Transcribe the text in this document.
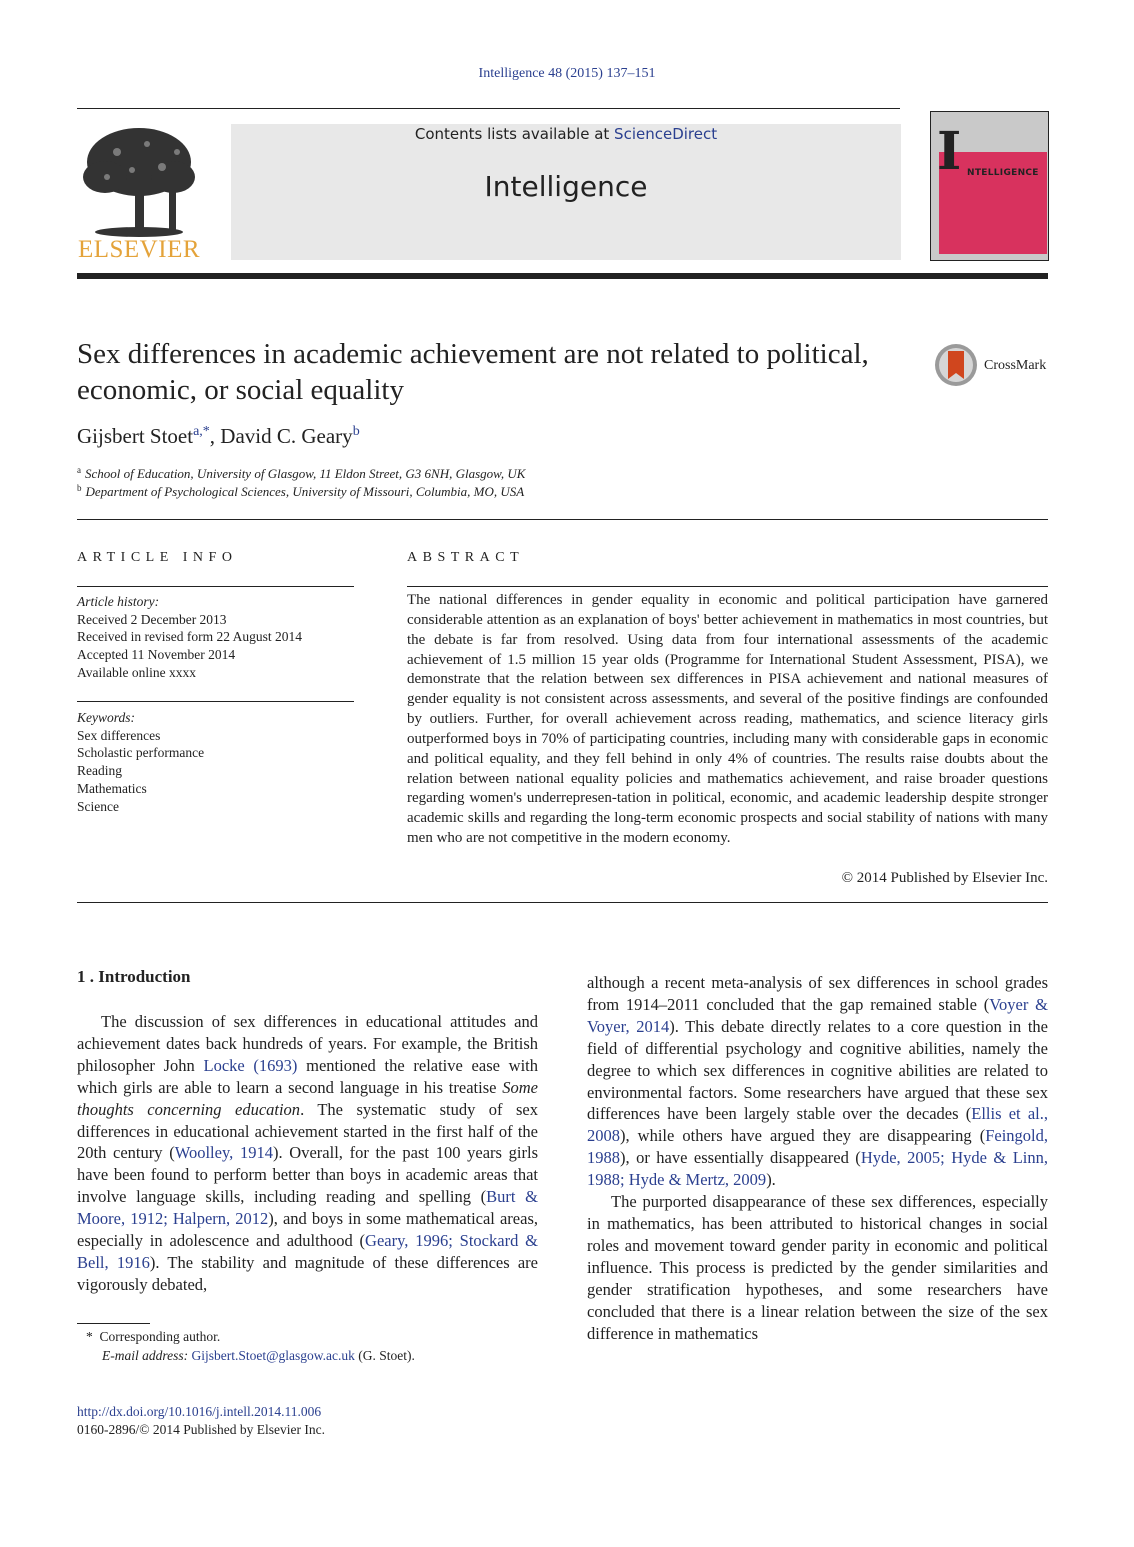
Intelligence 48 (2015) 137–151
ELSEVIER
Contents lists available at ScienceDirect
Intelligence
I NTELLIGENCE
Sex differences in academic achievement are not related to political, economic, or social equality
CrossMark
Gijsbert Stoet$^{a,*}$, David C. Geary$^b$
$^a$ School of Education, University of Glasgow, 11 Eldon Street, G3 6NH, Glasgow, UK
$^b$ Department of Psychological Sciences, University of Missouri, Columbia, MO, USA
ARTICLE INFO	ABSTRACT
Article history:
Received 2 December 2013
Received in revised form 22 August 2014
Accepted 11 November 2014
Available online xxxx
Keywords:
Sex differences
Scholastic performance
Reading
Mathematics
Science
The national differences in gender equality in economic and political participation have garnered considerable attention as an explanation of boys' better achievement in mathematics in most countries, but the debate is far from resolved. Using data from four international assessments of the academic achievement of 1.5 million 15 year olds (Programme for International Student Assessment, PISA), we demonstrate that the relation between sex differences in PISA achievement and national measures of gender equality is not consistent across assessments, and several of the positive findings are confounded by outliers. Further, for overall achievement across reading, mathematics, and science literacy girls outperformed boys in 70% of participating countries, including many with considerable gaps in economic and political equality, and they fell behind in only 4% of countries. The results raise doubts about the relation between national equality policies and mathematics achievement, and raise broader questions regarding women's underrepresen-tation in political, economic, and academic leadership despite stronger academic skills and regarding the long-term economic prospects and social stability of nations with many men who are not competitive in the modern economy.
© 2014 Published by Elsevier Inc.
1 . Introduction

The discussion of sex differences in educational attitudes and achievement dates back hundreds of years. For example, the British philosopher John Locke (1693) mentioned the relative ease with which girls are able to learn a second language in his treatise Some thoughts concerning education. The systematic study of sex differences in educational achievement started in the first half of the 20th century (Woolley, 1914). Overall, for the past 100 years girls have been found to perform better than boys in academic areas that involve language skills, including reading and spelling (Burt & Moore, 1912; Halpern, 2012), and boys in some mathematical areas, especially in adolescence and adulthood (Geary, 1996; Stockard & Bell, 1916). The stability and magnitude of these differences are vigorously debated,

although a recent meta-analysis of sex differences in school grades from 1914–2011 concluded that the gap remained stable (Voyer & Voyer, 2014). This debate directly relates to a core question in the field of differential psychology and cognitive abilities, namely the degree to which sex differences in cognitive abilities are related to environmental factors. Some researchers have argued that these sex differences have been largely stable over the decades (Ellis et al., 2008), while others have argued they are disappearing (Feingold, 1988), or have essentially disappeared (Hyde, 2005; Hyde & Linn, 1988; Hyde & Mertz, 2009).

The purported disappearance of these sex differences, especially in mathematics, has been attributed to historical changes in social roles and movement toward gender parity in economic and political influence. This process is predicted by the gender similarities and gender stratification hypotheses, and some researchers have concluded that there is a linear relation between the size of the sex difference in mathematics

* Corresponding author.
E-mail address: Gijsbert.Stoet@glasgow.ac.uk (G. Stoet).
http://dx.doi.org/10.1016/j.intell.2014.11.006
0160-2896/© 2014 Published by Elsevier Inc.
